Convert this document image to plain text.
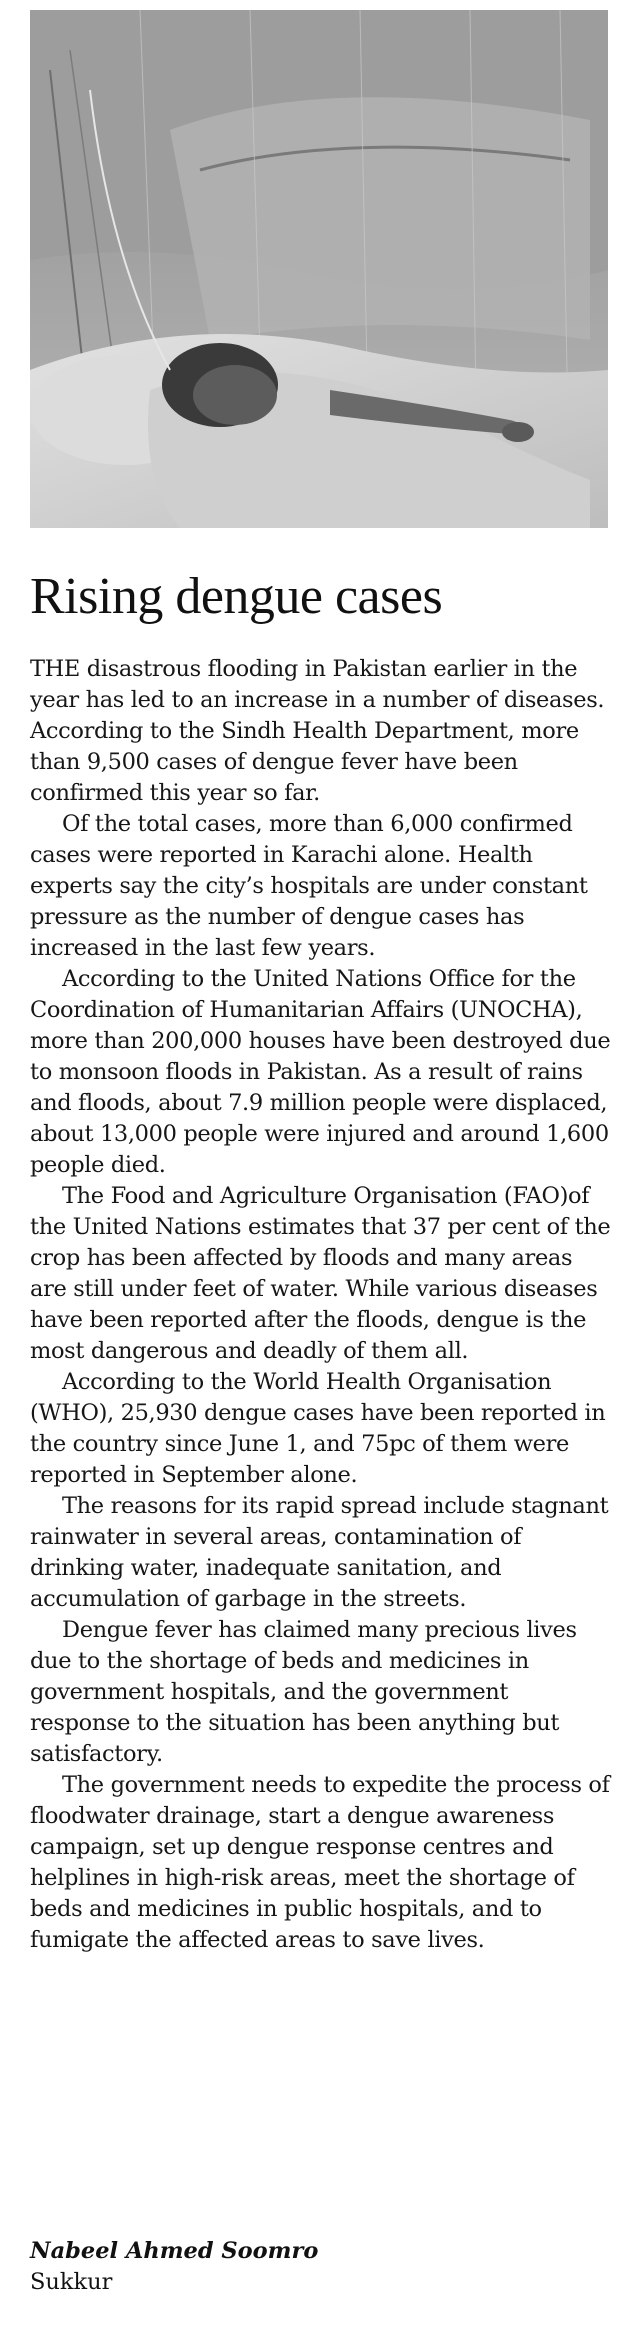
Rising dengue cases

THE disastrous flooding in Pakistan earlier in the year has led to an increase in a number of diseases. According to the Sindh Health Department, more than 9,500 cases of dengue fever have been confirmed this year so far.

Of the total cases, more than 6,000 confirmed cases were reported in Karachi alone. Health experts say the city’s hospitals are under constant pressure as the number of dengue cases has increased in the last few years.

According to the United Nations Office for the Coordination of Humanitarian Affairs (UNOCHA), more than 200,000 houses have been destroyed due to monsoon floods in Pakistan. As a result of rains and floods, about 7.9 million people were displaced, about 13,000 people were injured and around 1,600 people died.

The Food and Agriculture Organisation (FAO)of the United Nations estimates that 37 per cent of the crop has been affected by floods and many areas are still under feet of water. While various diseases have been reported after the floods, dengue is the most dangerous and deadly of them all.

According to the World Health Organisation (WHO), 25,930 dengue cases have been reported in the country since June 1, and 75pc of them were reported in September alone.

The reasons for its rapid spread include stagnant rainwater in several areas, contamination of drinking water, inadequate sanitation, and accumulation of garbage in the streets.

Dengue fever has claimed many precious lives due to the shortage of beds and medicines in government hospitals, and the government response to the situation has been anything but satisfactory.

The government needs to expedite the process of floodwater drainage, start a dengue awareness campaign, set up dengue response centres and helplines in high-risk areas, meet the shortage of beds and medicines in public hospitals, and to fumigate the affected areas to save lives.

Nabeel Ahmed Soomro
Sukkur
